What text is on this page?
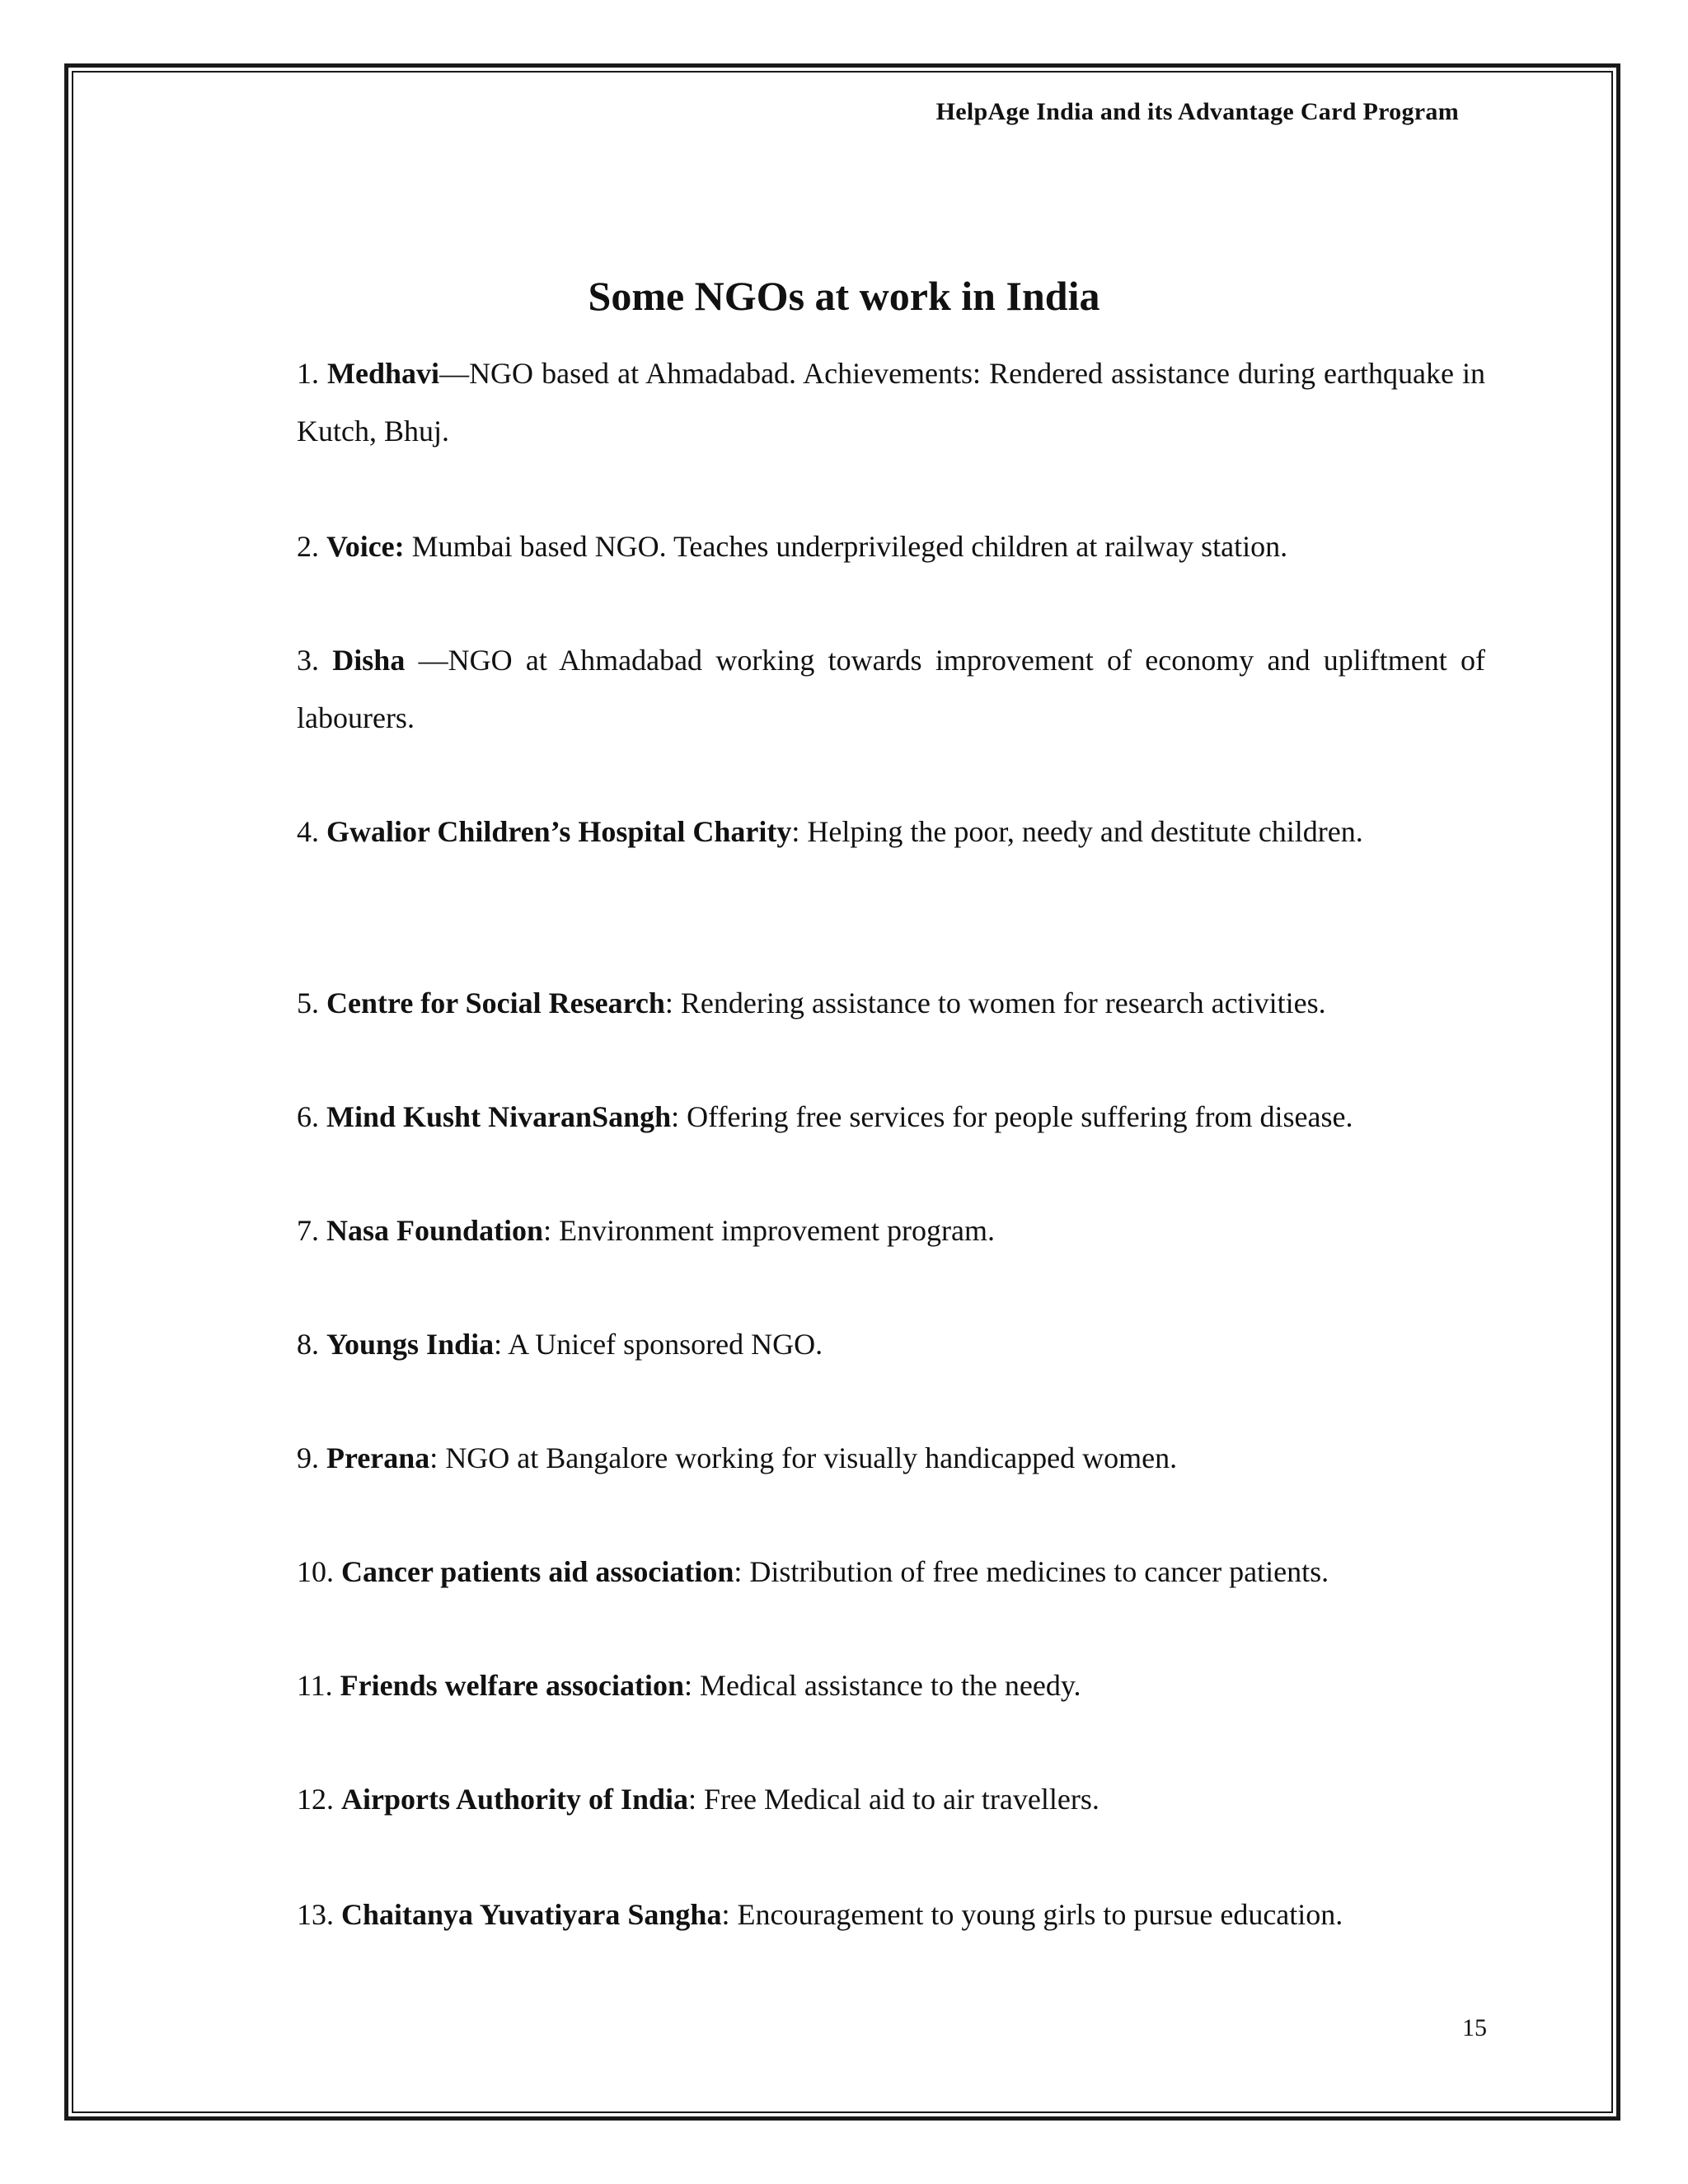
HelpAge India and its Advantage Card Program
Some NGOs at work in India
1. Medhavi—NGO based at Ahmadabad. Achievements: Rendered assistance during earthquake in Kutch, Bhuj.
2. Voice: Mumbai based NGO. Teaches underprivileged children at railway station.
3. Disha —NGO at Ahmadabad working towards improvement of economy and upliftment of labourers.
4. Gwalior Children’s Hospital Charity: Helping the poor, needy and destitute children.
5. Centre for Social Research: Rendering assistance to women for research activities.
6. Mind Kusht NivaranSangh: Offering free services for people suffering from disease.
7. Nasa Foundation: Environment improvement program.
8. Youngs India: A Unicef sponsored NGO.
9. Prerana: NGO at Bangalore working for visually handicapped women.
10. Cancer patients aid association: Distribution of free medicines to cancer patients.
11. Friends welfare association: Medical assistance to the needy.
12. Airports Authority of India: Free Medical aid to air travellers.
13. Chaitanya Yuvatiyara Sangha: Encouragement to young girls to pursue education.
15
